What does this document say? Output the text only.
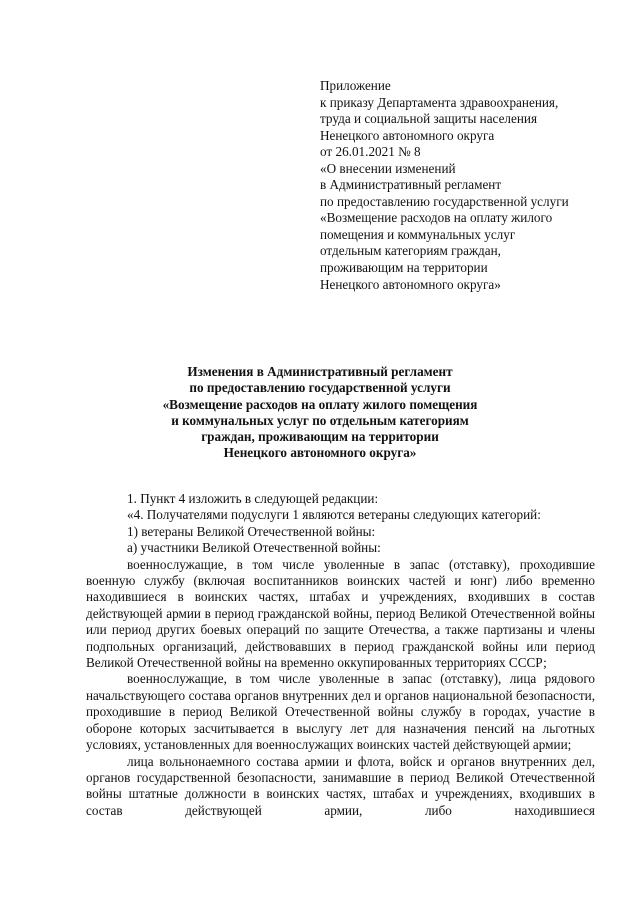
Приложение
к приказу Департамента здравоохранения,
труда и социальной защиты населения
Ненецкого автономного округа
от 26.01.2021 № 8
«О внесении изменений
в Административный регламент
по предоставлению государственной услуги
«Возмещение расходов на оплату жилого
помещения и коммунальных услуг
отдельным категориям граждан,
проживающим на территории
Ненецкого автономного округа»
Изменения в Административный регламент
по предоставлению государственной услуги
«Возмещение расходов на оплату жилого помещения
и коммунальных услуг по отдельным категориям
граждан, проживающим на территории
Ненецкого автономного округа»

1. Пункт 4 изложить в следующей редакции:

«4. Получателями подуслуги 1 являются ветераны следующих категорий:

1) ветераны Великой Отечественной войны:

а) участники Великой Отечественной войны:

военнослужащие, в том числе уволенные в запас (отставку), проходившие военную службу (включая воспитанников воинских частей и юнг) либо временно находившиеся в воинских частях, штабах и учреждениях, входивших в состав действующей армии в период гражданской войны, период Великой Отечественной войны или период других боевых операций по защите Отечества, а также партизаны и члены подпольных организаций, действовавших в период гражданской войны или период Великой Отечественной войны на временно оккупированных территориях СССР;

военнослужащие, в том числе уволенные в запас (отставку), лица рядового начальствующего состава органов внутренних дел и органов национальной безопасности, проходившие в период Великой Отечественной войны службу в городах, участие в обороне которых засчитывается в выслугу лет для назначения пенсий на льготных условиях, установленных для военнослужащих воинских частей действующей армии;

лица вольнонаемного состава армии и флота, войск и органов внутренних дел, органов государственной безопасности, занимавшие в период Великой Отечественной войны штатные должности в воинских частях, штабах и учреждениях, входивших в состав действующей армии, либо находившиеся
